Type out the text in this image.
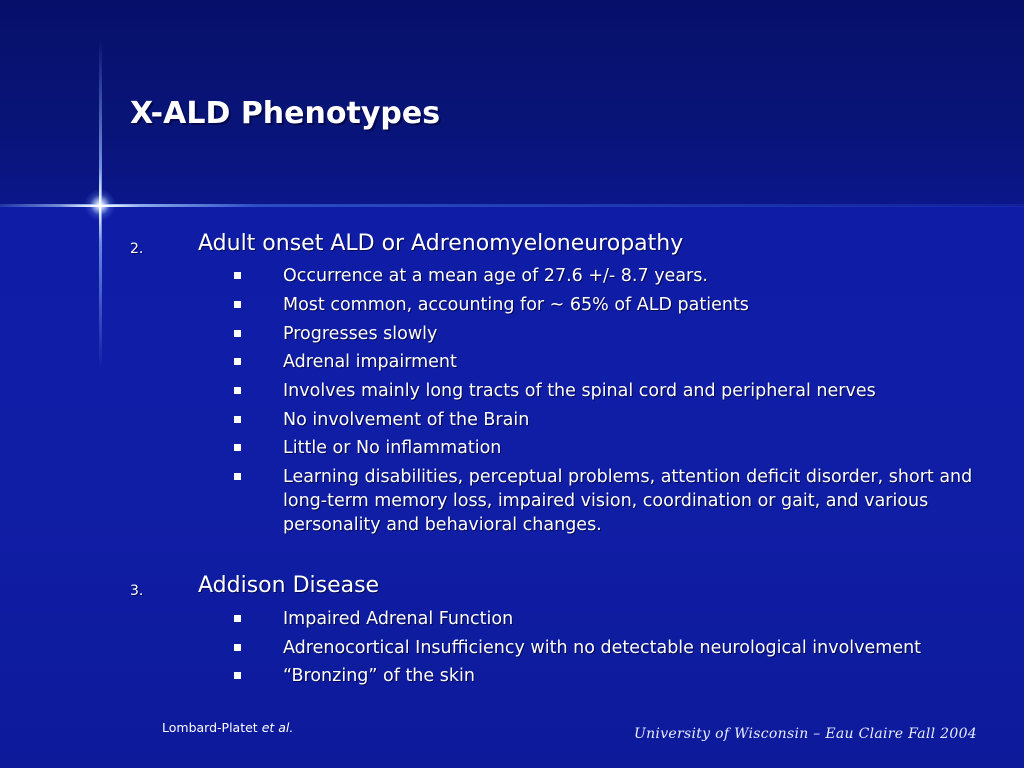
X-ALD Phenotypes
2. Adult onset ALD or Adrenomyeloneuropathy
Occurrence at a mean age of 27.6 +/- 8.7 years.
Most common, accounting for ~ 65% of ALD patients
Progresses slowly
Adrenal impairment
Involves mainly long tracts of the spinal cord and peripheral nerves
No involvement of the Brain
Little or No inflammation
Learning disabilities, perceptual problems, attention deficit disorder, short and long-term memory loss, impaired vision, coordination or gait, and various personality and behavioral changes.
3. Addison Disease
Impaired Adrenal Function
Adrenocortical Insufficiency with no detectable neurological involvement
“Bronzing” of the skin
Lombard-Platet et al.	University of Wisconsin – Eau Claire Fall 2004
